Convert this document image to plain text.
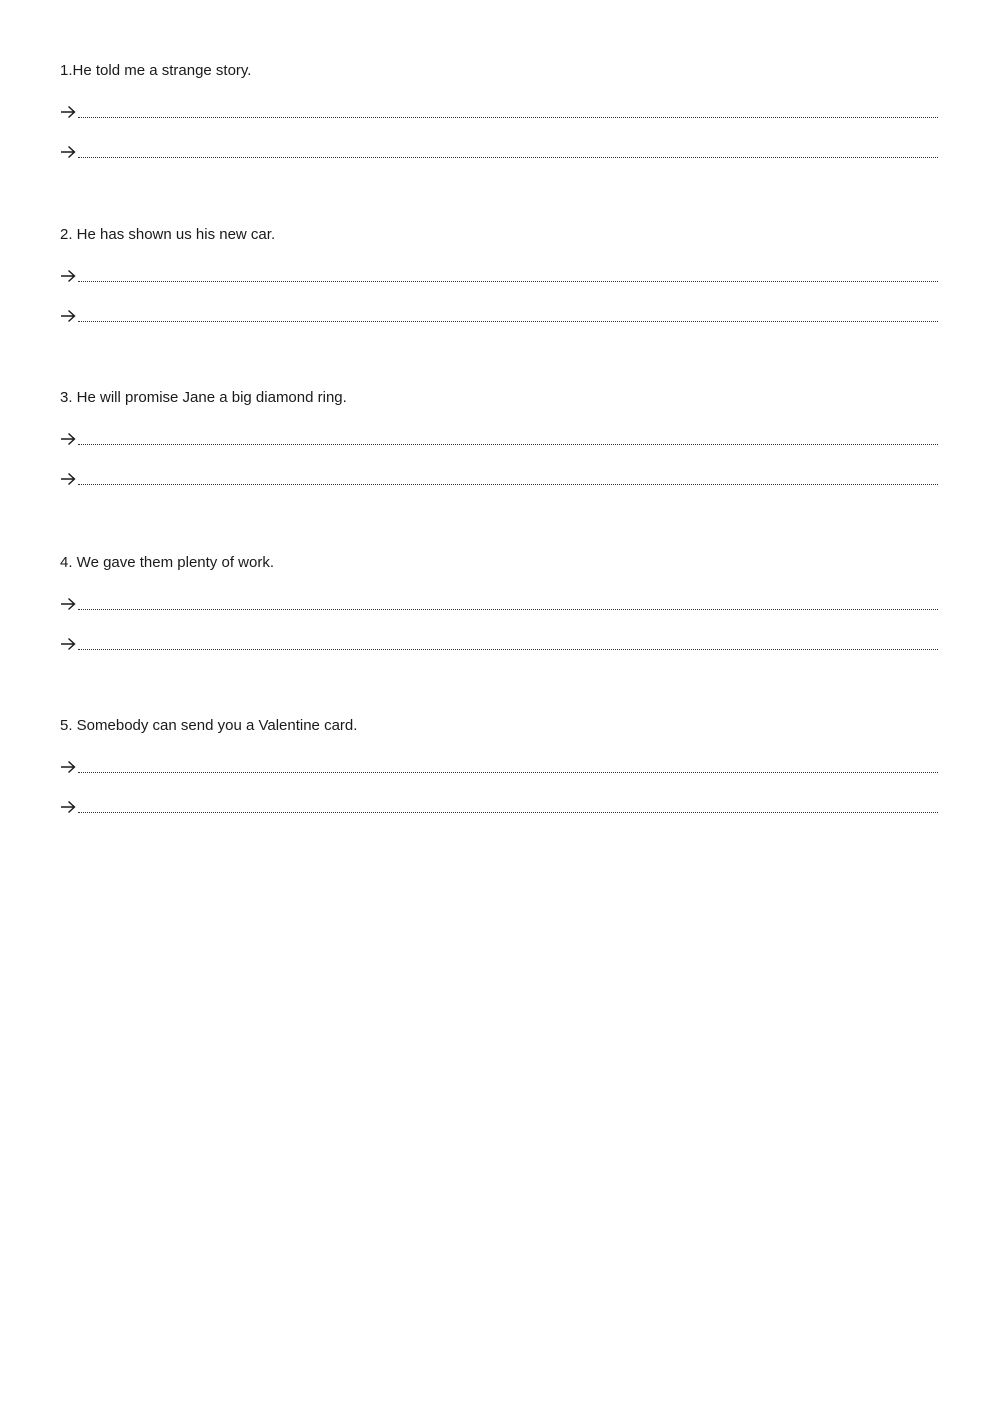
1.He told me a strange story.
2. He has shown us his new car.
3. He will promise Jane a big diamond ring.
4. We gave them plenty of work.
5. Somebody can send you a Valentine card.
